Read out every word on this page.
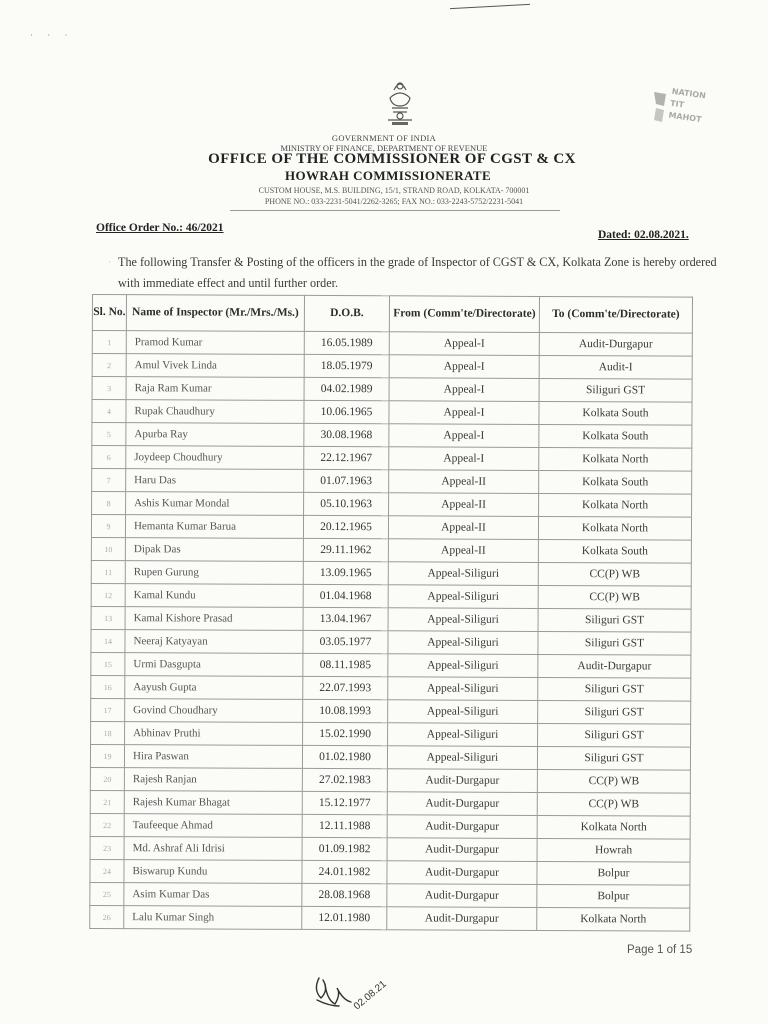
· · ·
NATION
TIT
MAHOT
GOVERNMENT OF INDIA
MINISTRY OF FINANCE, DEPARTMENT OF REVENUE
OFFICE OF THE COMMISSIONER OF CGST & CX
HOWRAH COMMISSIONERATE
CUSTOM HOUSE, M.S. BUILDING, 15/1, STRAND ROAD, KOLKATA- 700001
PHONE NO.: 033-2231-5041/2262-3265; FAX NO.: 033-2243-5752/2231-5041
Office Order No.: 46/2021
Dated: 02.08.2021.
· The following Transfer & Posting of the officers in the grade of Inspector of CGST & CX, Kolkata Zone is hereby ordered with immediate effect and until further order.
Sl. No.	Name of Inspector (Mr./Mrs./Ms.)	D.O.B.	From (Comm'te/Directorate)	To (Comm'te/Directorate)
1	Pramod Kumar	16.05.1989	Appeal-I	Audit-Durgapur
2	Amul Vivek Linda	18.05.1979	Appeal-I	Audit-I
3	Raja Ram Kumar	04.02.1989	Appeal-I	Siliguri GST
4	Rupak Chaudhury	10.06.1965	Appeal-I	Kolkata South
5	Apurba Ray	30.08.1968	Appeal-I	Kolkata South
6	Joydeep Choudhury	22.12.1967	Appeal-I	Kolkata North
7	Haru Das	01.07.1963	Appeal-II	Kolkata South
8	Ashis Kumar Mondal	05.10.1963	Appeal-II	Kolkata North
9	Hemanta Kumar Barua	20.12.1965	Appeal-II	Kolkata North
10	Dipak Das	29.11.1962	Appeal-II	Kolkata South
11	Rupen Gurung	13.09.1965	Appeal-Siliguri	CC(P) WB
12	Kamal Kundu	01.04.1968	Appeal-Siliguri	CC(P) WB
13	Kamal Kishore Prasad	13.04.1967	Appeal-Siliguri	Siliguri GST
14	Neeraj Katyayan	03.05.1977	Appeal-Siliguri	Siliguri GST
15	Urmi Dasgupta	08.11.1985	Appeal-Siliguri	Audit-Durgapur
16	Aayush Gupta	22.07.1993	Appeal-Siliguri	Siliguri GST
17	Govind Choudhary	10.08.1993	Appeal-Siliguri	Siliguri GST
18	Abhinav Pruthi	15.02.1990	Appeal-Siliguri	Siliguri GST
19	Hira Paswan	01.02.1980	Appeal-Siliguri	Siliguri GST
20	Rajesh Ranjan	27.02.1983	Audit-Durgapur	CC(P) WB
21	Rajesh Kumar Bhagat	15.12.1977	Audit-Durgapur	CC(P) WB
22	Taufeeque Ahmad	12.11.1988	Audit-Durgapur	Kolkata North
23	Md. Ashraf Ali Idrisi	01.09.1982	Audit-Durgapur	Howrah
24	Biswarup Kundu	24.01.1982	Audit-Durgapur	Bolpur
25	Asim Kumar Das	28.08.1968	Audit-Durgapur	Bolpur
26	Lalu Kumar Singh	12.01.1980	Audit-Durgapur	Kolkata North
Page 1 of 15
02.08.21
